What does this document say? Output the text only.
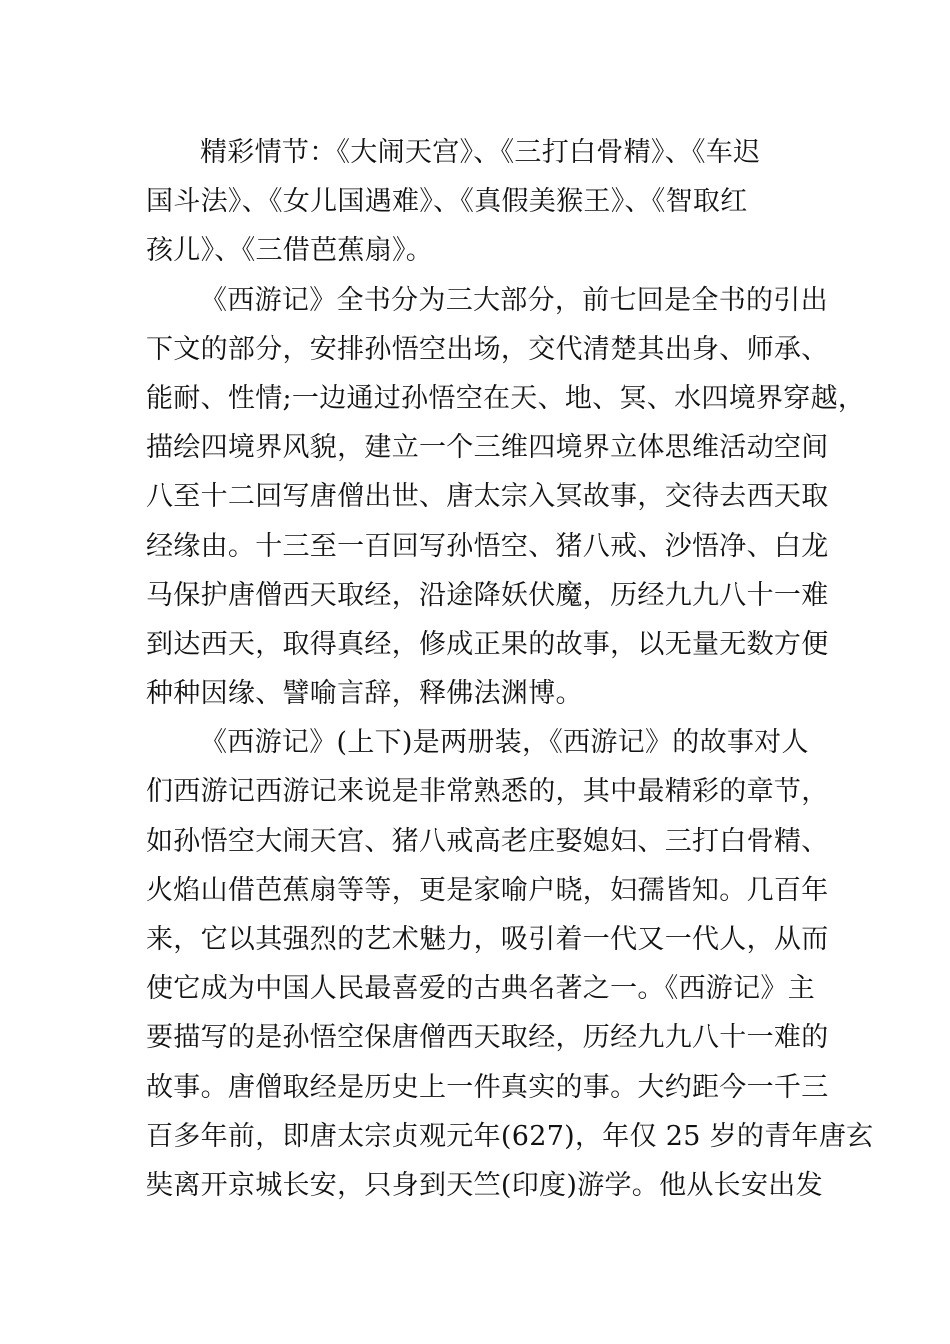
精彩情节：《大闹天宫》、《三打白骨精》、《车迟
国斗法》、《女儿国遇难》、《真假美猴王》、《智取红
孩儿》、《三借芭蕉扇》。
《西游记》全书分为三大部分，前七回是全书的引出
下文的部分，安排孙悟空出场，交代清楚其出身、师承、
能耐、性情;一边通过孙悟空在天、地、冥、水四境界穿越，
描绘四境界风貌，建立一个三维四境界立体思维活动空间
八至十二回写唐僧出世、唐太宗入冥故事，交待去西天取
经缘由。十三至一百回写孙悟空、猪八戒、沙悟净、白龙
马保护唐僧西天取经，沿途降妖伏魔，历经九九八十一难
到达西天，取得真经，修成正果的故事，以无量无数方便
种种因缘、譬喻言辞，释佛法渊博。
《西游记》(上下)是两册装，《西游记》的故事对人
们西游记西游记来说是非常熟悉的，其中最精彩的章节，
如孙悟空大闹天宫、猪八戒高老庄娶媳妇、三打白骨精、
火焰山借芭蕉扇等等，更是家喻户晓，妇孺皆知。几百年
来，它以其强烈的艺术魅力，吸引着一代又一代人，从而
使它成为中国人民最喜爱的古典名著之一。《西游记》主
要描写的是孙悟空保唐僧西天取经，历经九九八十一难的
故事。唐僧取经是历史上一件真实的事。大约距今一千三
百多年前，即唐太宗贞观元年(627)，年仅 25 岁的青年唐玄
奘离开京城长安，只身到天竺(印度)游学。他从长安出发
